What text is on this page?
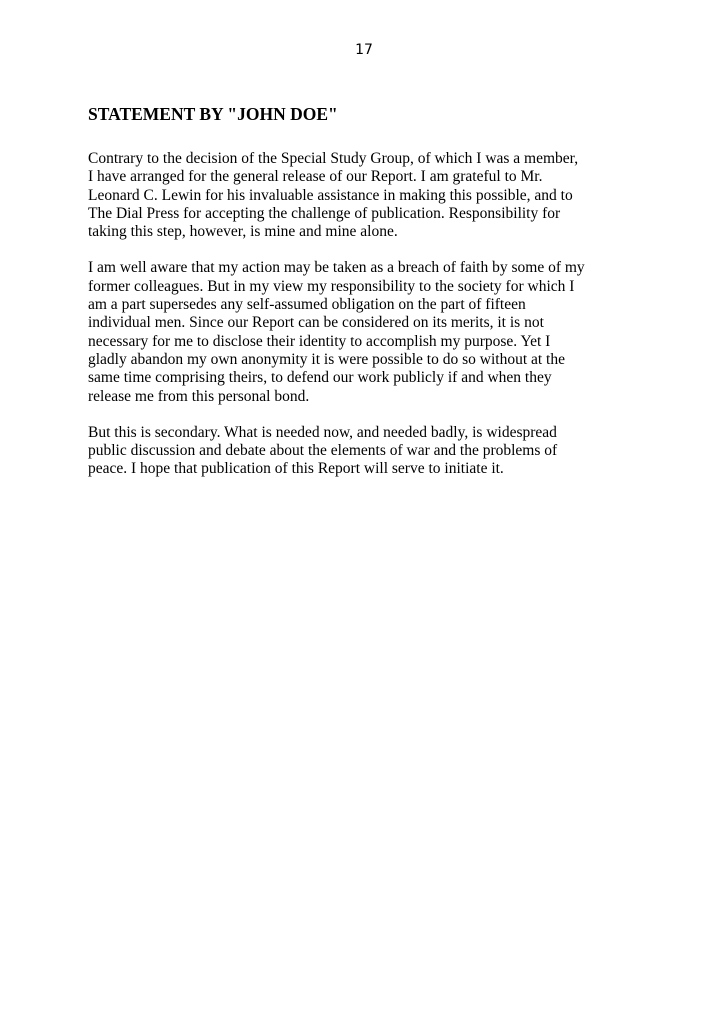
17
STATEMENT BY "JOHN DOE"
Contrary to the decision of the Special Study Group, of which I was a member,
I have arranged for the general release of our Report. I am grateful to Mr.
Leonard C. Lewin for his invaluable assistance in making this possible, and to
The Dial Press for accepting the challenge of publication. Responsibility for
taking this step, however, is mine and mine alone.
I am well aware that my action may be taken as a breach of faith by some of my
former colleagues. But in my view my responsibility to the society for which I
am a part supersedes any self-assumed obligation on the part of fifteen
individual men. Since our Report can be considered on its merits, it is not
necessary for me to disclose their identity to accomplish my purpose. Yet I
gladly abandon my own anonymity it is were possible to do so without at the
same time comprising theirs, to defend our work publicly if and when they
release me from this personal bond.
But this is secondary. What is needed now, and needed badly, is widespread
public discussion and debate about the elements of war and the problems of
peace. I hope that publication of this Report will serve to initiate it.
